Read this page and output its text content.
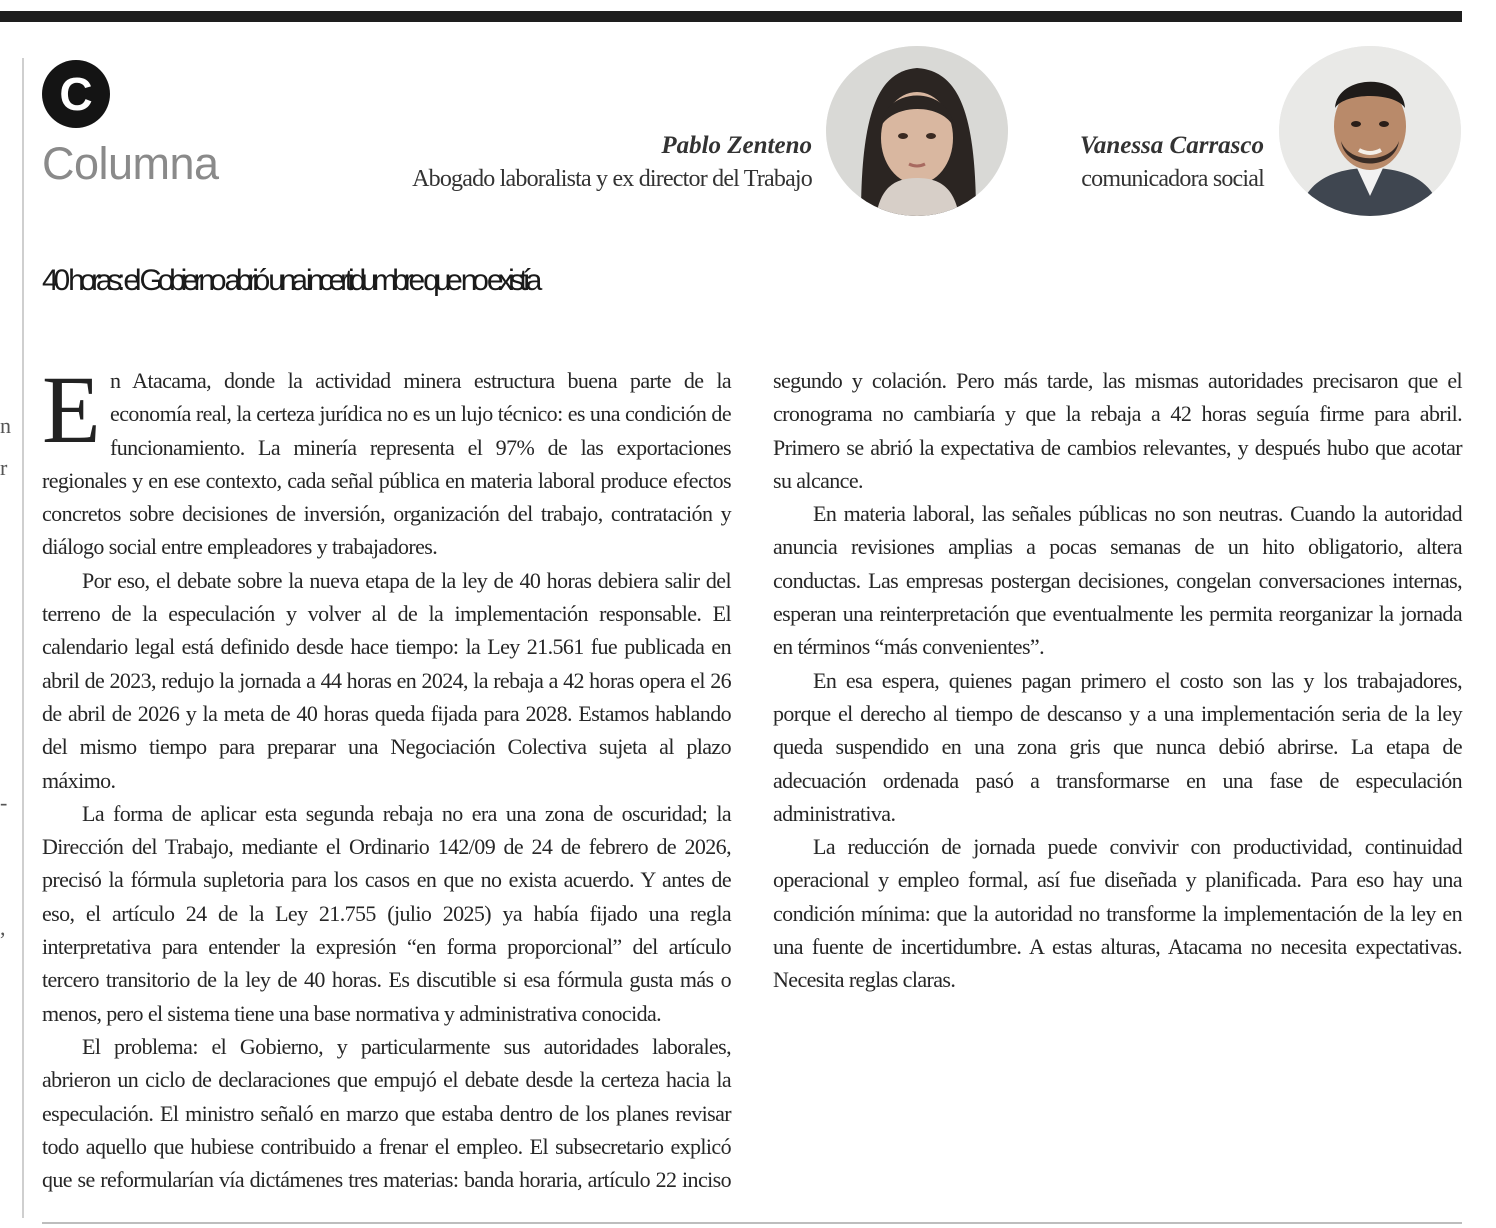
n
r
-
,
C
Columna	Pablo Zenteno
Abogado laboralista y ex director del Trabajo
Vanessa Carrasco
comunicadora social
40 horas: el Gobierno abrió una incertidumbre que no existía

En Atacama, donde la actividad minera estructura buena parte de la economía real, la certeza jurídica no es un lujo técnico: es una condición de funcionamiento. La minería representa el 97% de las exportaciones regionales y en ese contexto, cada señal pública en materia laboral produce efectos concretos sobre decisiones de inversión, organización del trabajo, contratación y diálogo social entre empleadores y trabajadores.

Por eso, el debate sobre la nueva etapa de la ley de 40 horas debiera salir del terreno de la especulación y volver al de la implementación responsable. El calendario legal está definido desde hace tiempo: la Ley 21.561 fue publicada en abril de 2023, redujo la jornada a 44 horas en 2024, la rebaja a 42 horas opera el 26 de abril de 2026 y la meta de 40 horas queda fijada para 2028. Estamos hablando del mismo tiempo para preparar una Negociación Colectiva sujeta al plazo máximo.

La forma de aplicar esta segunda rebaja no era una zona de oscuridad; la Dirección del Trabajo, mediante el Ordinario 142/09 de 24 de febrero de 2026, precisó la fórmula supletoria para los casos en que no exista acuerdo. Y antes de eso, el artículo 24 de la Ley 21.755 (julio 2025) ya había fijado una regla interpretativa para entender la expresión “en forma proporcional” del artículo tercero transitorio de la ley de 40 horas. Es discutible si esa fórmula gusta más o menos, pero el sistema tiene una base normativa y administrativa conocida.

El problema: el Gobierno, y particularmente sus autoridades laborales, abrieron un ciclo de declaraciones que empujó el debate desde la certeza hacia la especulación. El ministro señaló en marzo que estaba dentro de los planes revisar todo aquello que hubiese contribuido a frenar el empleo. El subsecretario explicó que se reformularían vía dictámenes tres materias: banda horaria, artículo 22 inciso segundo y colación. Pero más tarde, las mismas autoridades precisaron que el cronograma no cambiaría y que la rebaja a 42 horas seguía firme para abril. Primero se abrió la expectativa de cambios relevantes, y después hubo que acotar su alcance.

En materia laboral, las señales públicas no son neutras. Cuando la autoridad anuncia revisiones amplias a pocas semanas de un hito obligatorio, altera conductas. Las empresas postergan decisiones, congelan conversaciones internas, esperan una reinterpretación que eventualmente les permita reorganizar la jornada en términos “más convenientes”.

En esa espera, quienes pagan primero el costo son las y los trabajadores, porque el derecho al tiempo de descanso y a una implementación seria de la ley queda suspendido en una zona gris que nunca debió abrirse. La etapa de adecuación ordenada pasó a transformarse en una fase de especulación administrativa.

La reducción de jornada puede convivir con productividad, continuidad operacional y empleo formal, así fue diseñada y planificada. Para eso hay una condición mínima: que la autoridad no transforme la implementación de la ley en una fuente de incertidumbre. A estas alturas, Atacama no necesita expectativas. Necesita reglas claras.
